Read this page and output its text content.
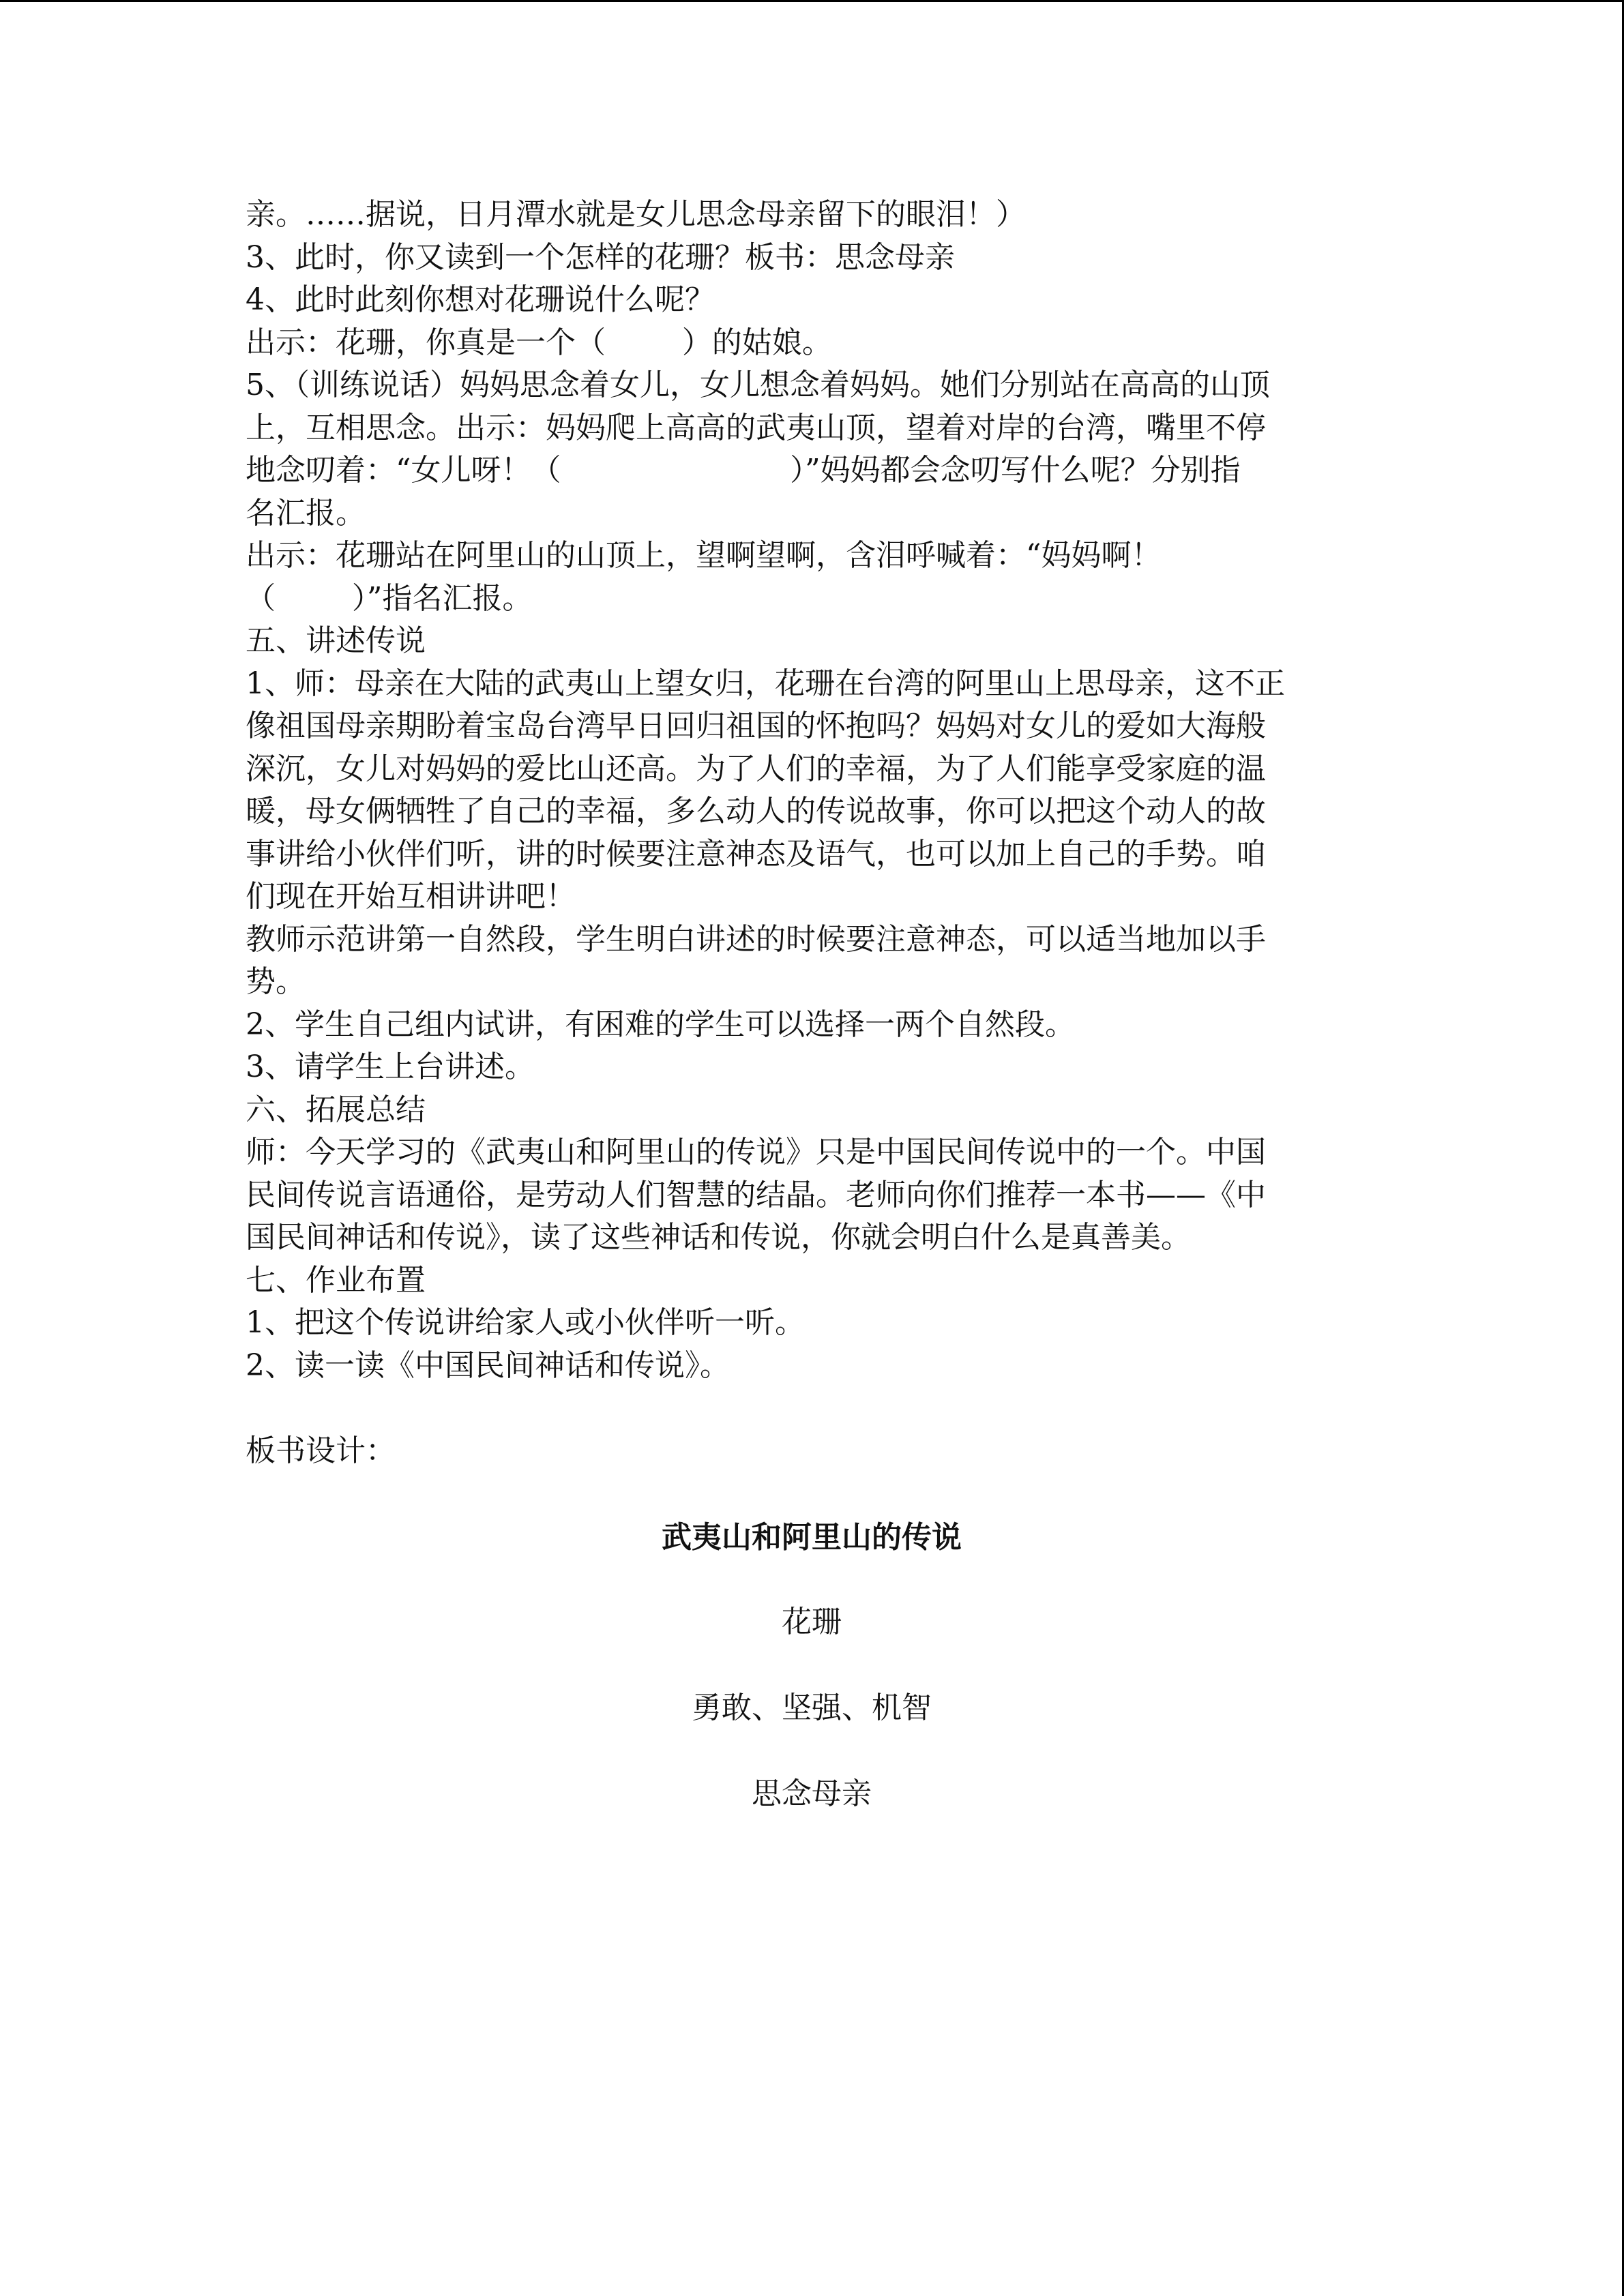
亲。……据说，日月潭水就是女儿思念母亲留下的眼泪！）
3、此时，你又读到一个怎样的花珊？板书：思念母亲
4、此时此刻你想对花珊说什么呢？
出示：花珊，你真是一个（        ）的姑娘。
5、（训练说话）妈妈思念着女儿，女儿想念着妈妈。她们分别站在高高的山顶
上，互相思念。出示：妈妈爬上高高的武夷山顶，望着对岸的台湾，嘴里不停
地念叨着：“女儿呀！（                        ）”妈妈都会念叨写什么呢？分别指
名汇报。
出示：花珊站在阿里山的山顶上，望啊望啊，含泪呼喊着：“妈妈啊！
（        ）”指名汇报。
五、讲述传说
1、师：母亲在大陆的武夷山上望女归，花珊在台湾的阿里山上思母亲，这不正
像祖国母亲期盼着宝岛台湾早日回归祖国的怀抱吗？妈妈对女儿的爱如大海般
深沉，女儿对妈妈的爱比山还高。为了人们的幸福，为了人们能享受家庭的温
暖，母女俩牺牲了自己的幸福，多么动人的传说故事，你可以把这个动人的故
事讲给小伙伴们听，讲的时候要注意神态及语气，也可以加上自己的手势。咱
们现在开始互相讲讲吧！
教师示范讲第一自然段，学生明白讲述的时候要注意神态，可以适当地加以手
势。
2、学生自己组内试讲，有困难的学生可以选择一两个自然段。
3、请学生上台讲述。
六、拓展总结
师：今天学习的《武夷山和阿里山的传说》只是中国民间传说中的一个。中国
民间传说言语通俗，是劳动人们智慧的结晶。老师向你们推荐一本书——《中
国民间神话和传说》，读了这些神话和传说，你就会明白什么是真善美。
七、作业布置
1、把这个传说讲给家人或小伙伴听一听。
2、读一读《中国民间神话和传说》。
板书设计：
武夷山和阿里山的传说
花珊
勇敢、坚强、机智
思念母亲
